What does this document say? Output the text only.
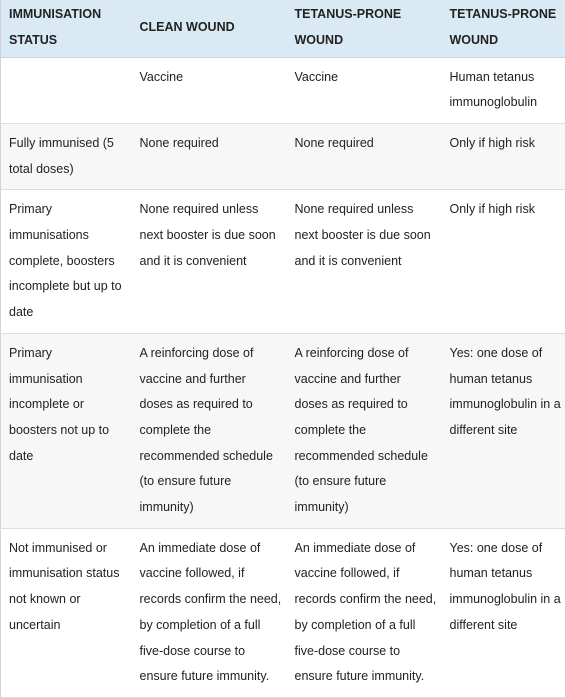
IMMUNISATION STATUS	CLEAN WOUND	TETANUS-PRONE WOUND	TETANUS-PRONE WOUND
	Vaccine	Vaccine	Human tetanus immunoglobulin
Fully immunised (5 total doses)	None required	None required	Only if high risk
Primary immunisations complete, boosters incomplete but up to date	None required unless next booster is due soon and it is convenient	None required unless next booster is due soon and it is convenient	Only if high risk
Primary immunisation incomplete or boosters not up to date	A reinforcing dose of vaccine and further doses as required to complete the recommended schedule (to ensure future immunity)	A reinforcing dose of vaccine and further doses as required to complete the recommended schedule (to ensure future immunity)	Yes: one dose of human tetanus immunoglobulin in a different site
Not immunised or immunisation status not known or uncertain	An immediate dose of vaccine followed, if records confirm the need, by completion of a full five-dose course to ensure future immunity.	An immediate dose of vaccine followed, if records confirm the need, by completion of a full five-dose course to ensure future immunity.	Yes: one dose of human tetanus immunoglobulin in a different site
